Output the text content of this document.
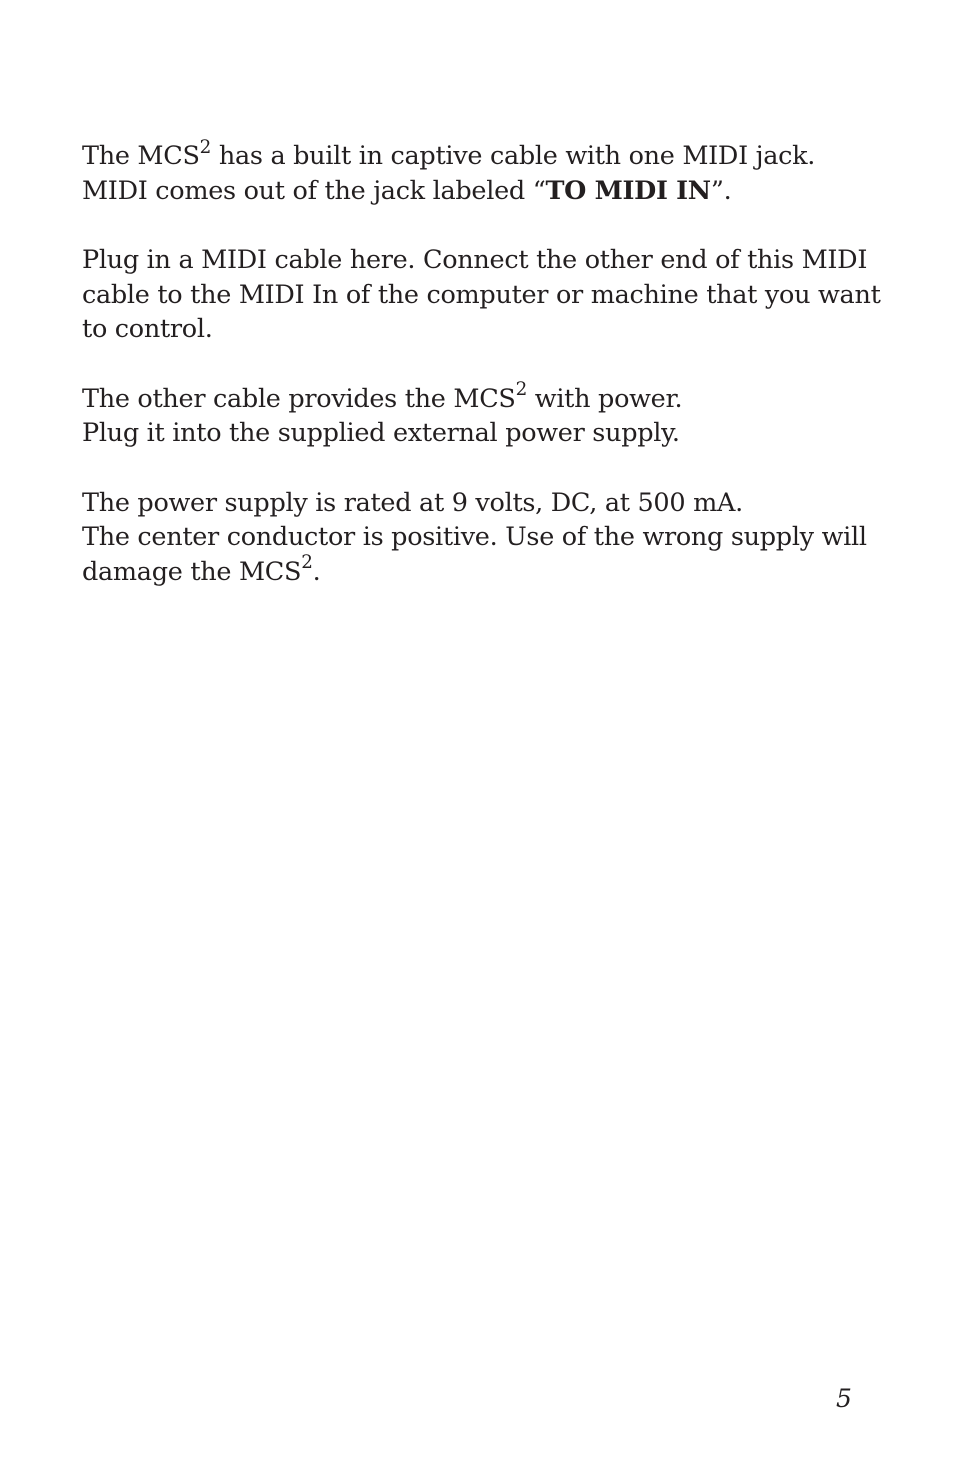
The MCS$^2$ has a built in captive cable with one MIDI jack.
MIDI comes out of the jack labeled “TO MIDI IN”.

Plug in a MIDI cable here. Connect the other end of this MIDI
cable to the MIDI In of the computer or machine that you want
to control.

The other cable provides the MCS$^2$ with power.
Plug it into the supplied external power supply.

The power supply is rated at 9 volts, DC, at 500 mA.
The center conductor is positive. Use of the wrong supply will
damage the MCS$^2$.

5
